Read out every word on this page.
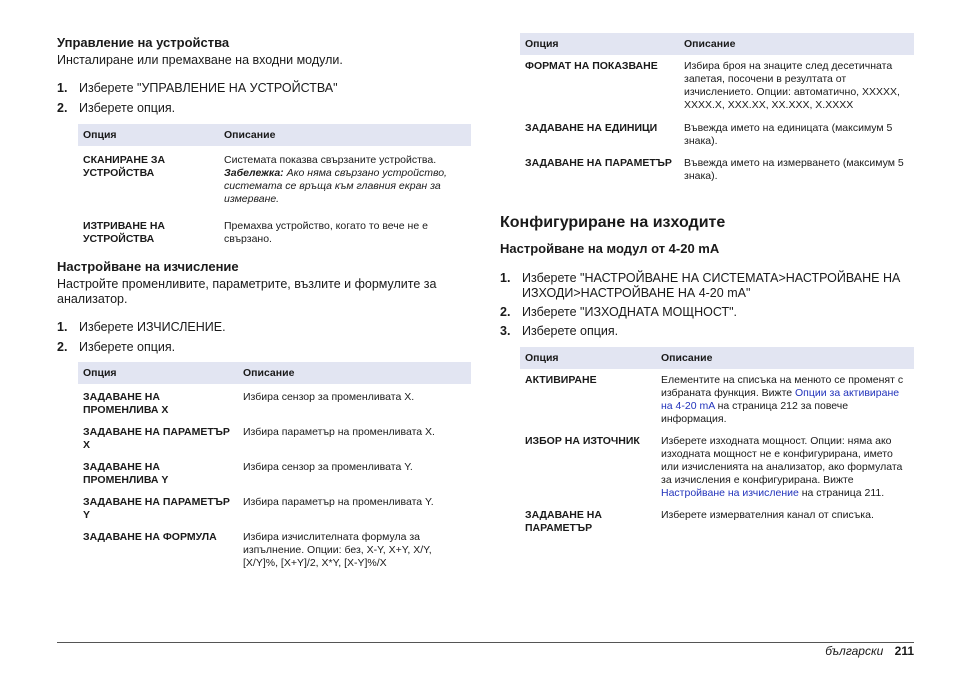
Управление на устройства

Инсталиране или премахване на входни модули.

1. Изберете "УПРАВЛЕНИЕ НА УСТРОЙСТВА"
2. Изберете опция.
Опция	Описание
СКАНИРАНЕ ЗА УСТРОЙСТВА	Системата показва свързаните устройства. Забележка: Ако няма свързано устройство, системата се връща към главния екран за измерване.
ИЗТРИВАНЕ НА УСТРОЙСТВА	Премахва устройство, когато то вече не е свързано.
Настройване на изчисление

Настройте променливите, параметрите, възлите и формулите за анализатор.

1. Изберете ИЗЧИСЛЕНИЕ.
2. Изберете опция.
Опция	Описание
ЗАДАВАНЕ НА ПРОМЕНЛИВА X	Избира сензор за променливата X.
ЗАДАВАНЕ НА ПАРАМЕТЪР X	Избира параметър на променливата X.
ЗАДАВАНЕ НА ПРОМЕНЛИВА Y	Избира сензор за променливата Y.
ЗАДАВАНЕ НА ПАРАМЕТЪР Y	Избира параметър на променливата Y.
ЗАДАВАНЕ НА ФОРМУЛА	Избира изчислителната формула за изпълнение. Опции: без, X-Y, X+Y, X/Y, [X/Y]%, [X+Y]/2, X*Y, [X-Y]%/X
Опция	Описание
ФОРМАТ НА ПОКАЗВАНЕ	Избира броя на знаците след десетичната запетая, посочени в резултата от изчислението. Опции: автоматично, XXXXX, XXXX.X, XXX.XX, XX.XXX, X.XXXX
ЗАДАВАНЕ НА ЕДИНИЦИ	Въвежда името на единицата (максимум 5 знака).
ЗАДАВАНЕ НА ПАРАМЕТЪР	Въвежда името на измерването (максимум 5 знака).
Конфигуриране на изходите
Настройване на модул от 4-20 mA
1. Изберете "НАСТРОЙВАНЕ НА СИСТЕМАТА>НАСТРОЙВАНЕ НА ИЗХОДИ>НАСТРОЙВАНЕ НА 4-20 mA"
2. Изберете "ИЗХОДНАТА МОЩНОСТ".
3. Изберете опция.
Опция	Описание
АКТИВИРАНЕ	Елементите на списъка на менюто се променят с избраната функция. Вижте Опции за активиране на 4-20 mA на страница 212 за повече информация.
ИЗБОР НА ИЗТОЧНИК	Изберете изходната мощност. Опции: няма ако изходната мощност не е конфигурирана, името или изчисленията на анализатор, ако формулата за изчисления е конфигурирана. Вижте Настройване на изчисление на страница 211.
ЗАДАВАНЕ НА ПАРАМЕТЪР	Изберете измервателния канал от списъка.
български 211
